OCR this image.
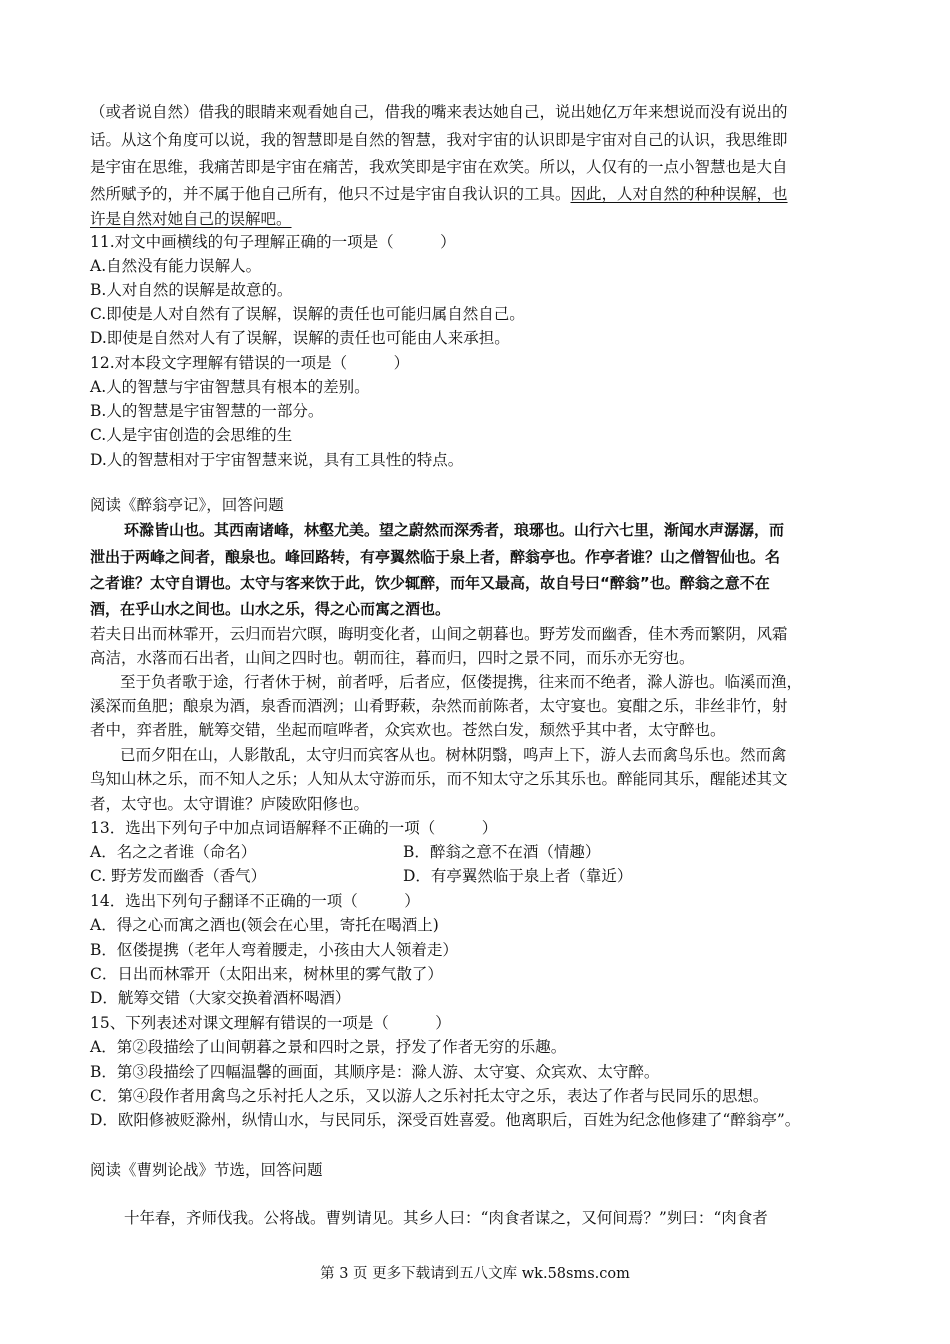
（或者说自然）借我的眼睛来观看她自己，借我的嘴来表达她自己，说出她亿万年来想说而没有说出的
话。从这个角度可以说，我的智慧即是自然的智慧，我对宇宙的认识即是宇宙对自己的认识，我思维即
是宇宙在思维，我痛苦即是宇宙在痛苦，我欢笑即是宇宙在欢笑。所以，人仅有的一点小智慧也是大自
然所赋予的，并不属于他自己所有，他只不过是宇宙自我认识的工具。因此，人对自然的种种误解，也
许是自然对她自己的误解吧。
11.对文中画横线的句子理解正确的一项是（　　　）
A.自然没有能力误解人。
B.人对自然的误解是故意的。
C.即使是人对自然有了误解，误解的责任也可能归属自然自己。
D.即使是自然对人有了误解，误解的责任也可能由人来承担。
12.对本段文字理解有错误的一项是（　　　）
A.人的智慧与宇宙智慧具有根本的差别。
B.人的智慧是宇宙智慧的一部分。
C.人是宇宙创造的会思维的生
D.人的智慧相对于宇宙智慧来说，具有工具性的特点。
阅读《醉翁亭记》，回答问题
环滁皆山也。其西南诸峰，林壑尤美。望之蔚然而深秀者，琅琊也。山行六七里，渐闻水声潺潺，而
泄出于两峰之间者，酿泉也。峰回路转，有亭翼然临于泉上者，醉翁亭也。作亭者谁？山之僧智仙也。名
之者谁？太守自谓也。太守与客来饮于此，饮少辄醉，而年又最高，故自号曰“醉翁”也。醉翁之意不在
酒，在乎山水之间也。山水之乐，得之心而寓之酒也。
若夫日出而林霏开，云归而岩穴暝，晦明变化者，山间之朝暮也。野芳发而幽香，佳木秀而繁阴，风霜
高洁，水落而石出者，山间之四时也。朝而往，暮而归，四时之景不同，而乐亦无穷也。
至于负者歌于途，行者休于树，前者呼，后者应，伛偻提携，往来而不绝者，滁人游也。临溪而渔，
溪深而鱼肥；酿泉为酒，泉香而酒洌；山肴野蔌，杂然而前陈者，太守宴也。宴酣之乐，非丝非竹，射
者中，弈者胜，觥筹交错，坐起而喧哗者，众宾欢也。苍然白发，颓然乎其中者，太守醉也。
已而夕阳在山，人影散乱，太守归而宾客从也。树林阴翳，鸣声上下，游人去而禽鸟乐也。然而禽
鸟知山林之乐，而不知人之乐；人知从太守游而乐，而不知太守之乐其乐也。醉能同其乐，醒能述其文
者，太守也。太守谓谁？庐陵欧阳修也。
13．选出下列句子中加点词语解释不正确的一项（　　　）
A．名之之者谁（命名）	B．醉翁之意不在酒（情趣）
C. 野芳发而幽香（香气）	D．有亭翼然临于泉上者（靠近）
14．选出下列句子翻译不正确的一项（　　　）
A．得之心而寓之酒也(领会在心里，寄托在喝酒上)
B．伛偻提携（老年人弯着腰走，小孩由大人领着走）
C．日出而林霏开（太阳出来，树林里的雾气散了）
D．觥筹交错（大家交换着酒杯喝酒）
15、下列表述对课文理解有错误的一项是（　　　）
A．第②段描绘了山间朝暮之景和四时之景，抒发了作者无穷的乐趣。
B．第③段描绘了四幅温馨的画面，其顺序是：滁人游、太守宴、众宾欢、太守醉。
C．第④段作者用禽鸟之乐衬托人之乐，又以游人之乐衬托太守之乐，表达了作者与民同乐的思想。
D．欧阳修被贬滁州，纵情山水，与民同乐，深受百姓喜爱。他离职后，百姓为纪念他修建了“醉翁亭”。
阅读《曹刿论战》节选，回答问题
十年春，齐师伐我。公将战。曹刿请见。其乡人曰：“肉食者谋之，又何间焉？”刿曰：“肉食者
第 3 页 更多下载请到五八文库 wk.58sms.com
